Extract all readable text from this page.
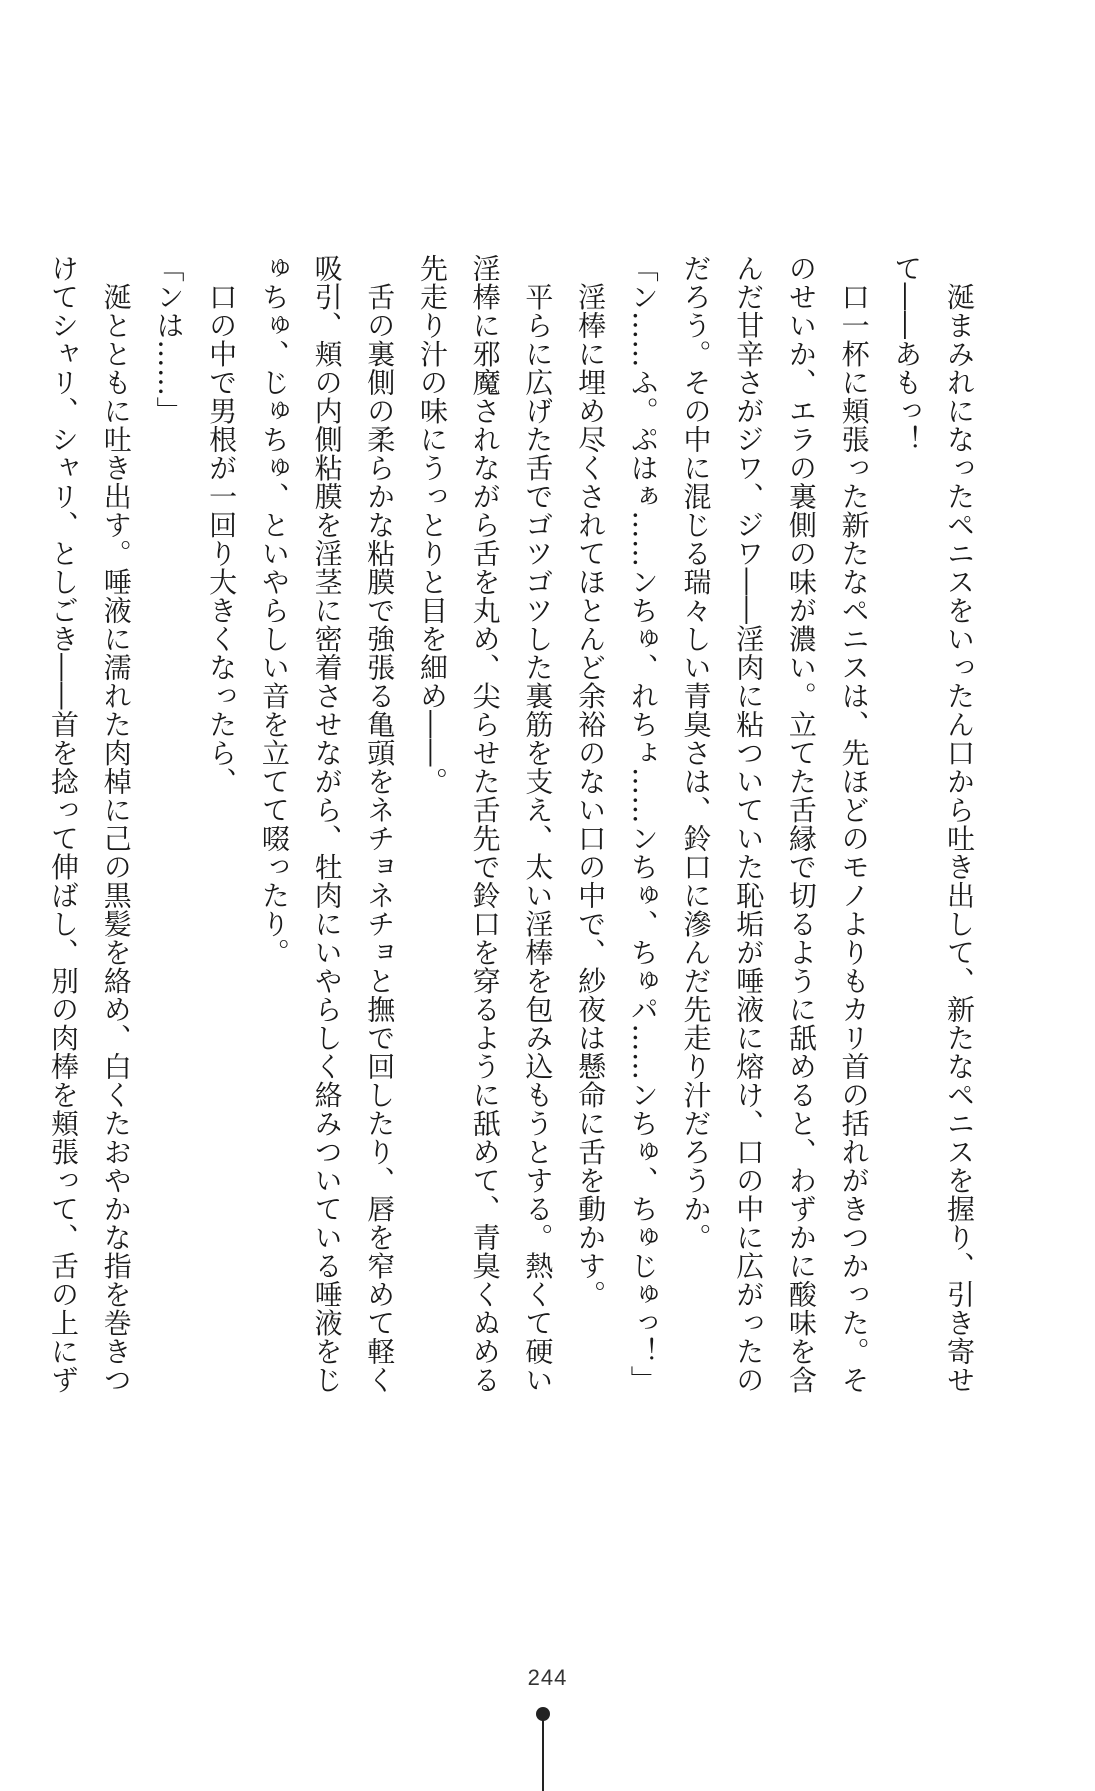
　涎まみれになったペニスをいったん口から吐き出して、新たなペニスを握り、引き寄せ
て――あもっ！
　口一杯に頬張った新たなペニスは、先ほどのモノよりもカリ首の括れがきつかった。そ
のせいか、エラの裏側の味が濃い。立てた舌縁で切るように舐めると、わずかに酸味を含
んだ甘辛さがジワ、ジワ――淫肉に粘ついていた恥垢が唾液に熔け、口の中に広がったの
だろう。その中に混じる瑞々しい青臭さは、鈴口に滲んだ先走り汁だろうか。
「ン……ふ。ぷはぁ……ンちゅ、れちょ……ンちゅ、ちゅパ……ンちゅ、ちゅじゅっ！」
　淫棒に埋め尽くされてほとんど余裕のない口の中で、紗夜は懸命に舌を動かす。
　平らに広げた舌でゴツゴツした裏筋を支え、太い淫棒を包み込もうとする。熱くて硬い
淫棒に邪魔されながら舌を丸め、尖らせた舌先で鈴口を穿るように舐めて、青臭くぬめる
先走り汁の味にうっとりと目を細め――。
　舌の裏側の柔らかな粘膜で強張る亀頭をネチョネチョと撫で回したり、唇を窄めて軽く
吸引、頬の内側粘膜を淫茎に密着させながら、牡肉にいやらしく絡みついている唾液をじ
ゅちゅ、じゅちゅ、といやらしい音を立てて啜ったり。
　口の中で男根が一回り大きくなったら、
「ンは……」
　涎とともに吐き出す。唾液に濡れた肉棹に己の黒髪を絡め、白くたおやかな指を巻きつ
けてシャリ、シャリ、としごき――首を捻って伸ばし、別の肉棒を頬張って、舌の上にず
244
